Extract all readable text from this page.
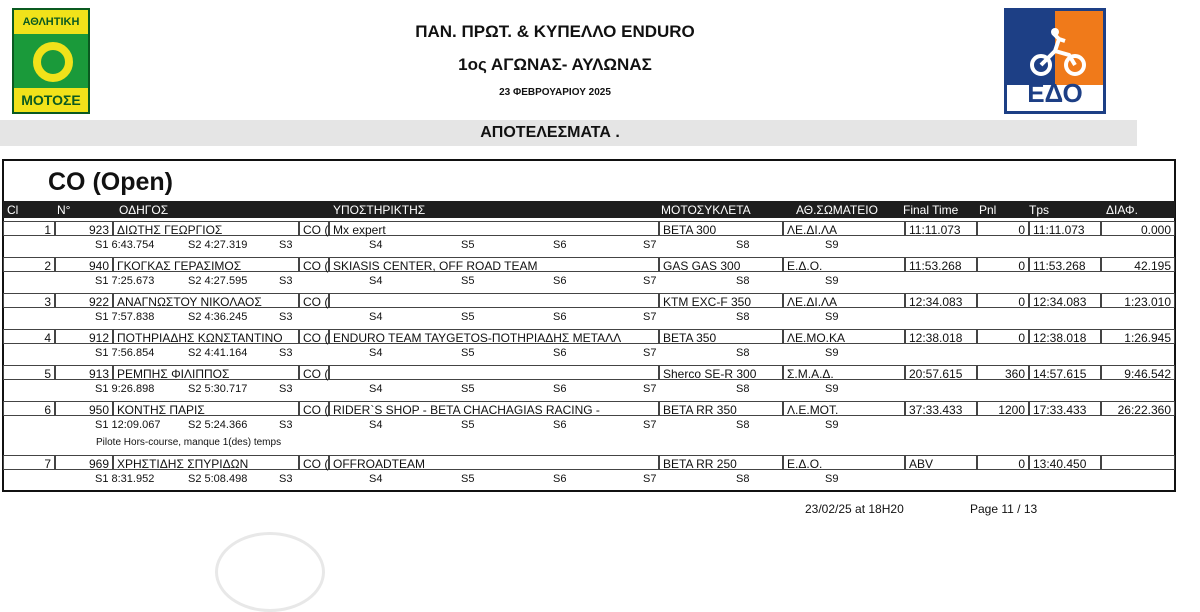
ΑΘΛΗΤΙΚΗ
ΜΟΤΟΣΕ	ΕΔΟ
ΠΑΝ. ΠΡΩΤ. & ΚΥΠΕΛΛΟ ENDURO
1ος ΑΓΩΝΑΣ- ΑΥΛΩΝΑΣ
23 ΦΕΒΡΟΥΑΡΙΟΥ 2025
ΑΠΟΤΕΛΕΣΜΑΤΑ .
CO (Open)
Cl	N°	ΟΔΗΓΟΣ	ΥΠΟΣΤΗΡΙΚΤΗΣ	ΜΟΤΟΣΥΚΛΕΤΑ	ΑΘ.ΣΩΜΑΤΕΙΟ Final Time Pnl	Tps	ΔΙΑΦ.
1	923 ΔΙΩΤΗΣ ΓΕΩΡΓΙΟΣ	CO ( Mx expert	BETA 300	ΛΕ.ΔΙ.ΛΑ	11:11.073	0 11:11.073	0.000
S1 6:43.754	S2 4:27.319	S3	S4	S5	S6	S7	S8	S9
2	940 ΓΚΟΓΚΑΣ ΓΕΡΑΣΙΜΟΣ	CO ( SKIASIS CENTER, OFF ROAD TEAM	GAS GAS 300	Ε.Δ.Ο.	11:53.268	0 11:53.268	42.195
S1 7:25.673	S2 4:27.595	S3	S4	S5	S6	S7	S8	S9
3	922 ΑΝΑΓΝΩΣΤΟΥ ΝΙΚΟΛΑΟΣ	CO (	KTM EXC-F 350	ΛΕ.ΔΙ.ΛΑ	12:34.083	0 12:34.083	1:23.010
S1 7:57.838	S2 4:36.245	S3	S4	S5	S6	S7	S8	S9
4	912 ΠΟΤΗΡΙΑΔΗΣ ΚΩΝΣΤΑΝΤΙΝΟ CO ( ENDURO TEAM TAYGETOS-ΠΟΤΗΡΙΑΔΗΣ ΜΕΤΑΛΛ	BETA 350	ΛΕ.ΜΟ.ΚΑ	12:38.018	0 12:38.018	1:26.945
S1 7:56.854	S2 4:41.164	S3	S4	S5	S6	S7	S8	S9
5	913 ΡΕΜΠΗΣ ΦΙΛΙΠΠΟΣ	CO (	Sherco SE-R 300	Σ.Μ.Α.Δ.	20:57.615	360 14:57.615	9:46.542
S1 9:26.898	S2 5:30.717	S3	S4	S5	S6	S7	S8	S9
6	950 ΚΟΝΤΗΣ ΠΑΡΙΣ	CO ( RIDER`S SHOP - BETA CHACHAGIAS RACING -	BETA RR 350	Λ.Ε.ΜΟΤ.	37:33.433	1200 17:33.433	26:22.360
S1 12:09.067	S2 5:24.366	S3	S4	S5	S6	S7	S8	S9
7	969 ΧΡΗΣΤΙΔΗΣ ΣΠΥΡΙΔΩΝ	CO ( OFFROADTEAM	BETA RR 250	Ε.Δ.Ο.	ABV	0 13:40.450
S1 8:31.952	S2 5:08.498	S3	S4	S5	S6	S7	S8	S9
Pilote Hors-course, manque 1(des) temps
23/02/25 at 18H20	Page 11 / 13
